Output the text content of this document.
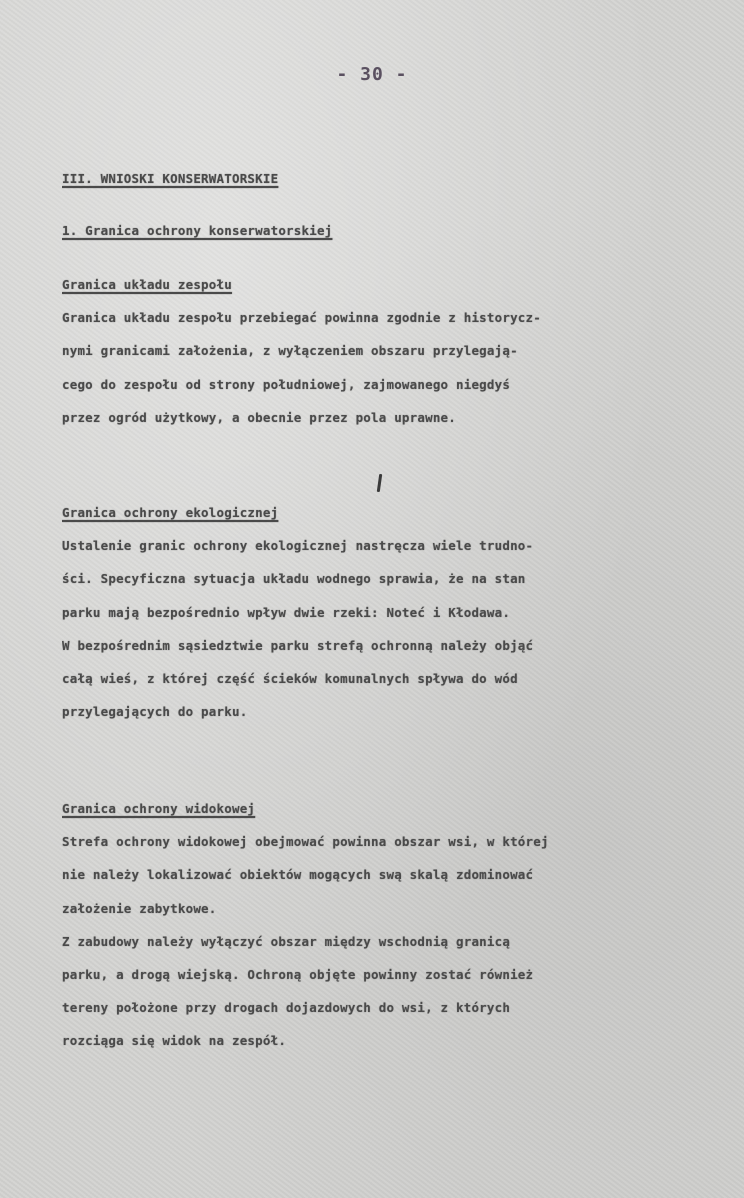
- 30 -
III. WNIOSKI KONSERWATORSKIE
1. Granica ochrony konserwatorskiej
Granica układu zespołu
Granica układu zespołu przebiegać powinna zgodnie z historycz-
nymi granicami założenia, z wyłączeniem obszaru przylegają-
cego do zespołu od strony południowej, zajmowanego niegdyś
przez ogród użytkowy, a obecnie przez pola uprawne.
Granica ochrony ekologicznej
Ustalenie granic ochrony ekologicznej nastręcza wiele trudno-
ści. Specyficzna sytuacja układu wodnego sprawia, że na stan
parku mają bezpośrednio wpływ dwie rzeki: Noteć i Kłodawa.
W bezpośrednim sąsiedztwie parku strefą ochronną należy objąć
całą wieś, z której część ścieków komunalnych spływa do wód
przylegających do parku.
Granica ochrony widokowej
Strefa ochrony widokowej obejmować powinna obszar wsi, w której
nie należy lokalizować obiektów mogących swą skalą zdominować
założenie zabytkowe.
Z zabudowy należy wyłączyć obszar między wschodnią granicą
parku, a drogą wiejską. Ochroną objęte powinny zostać również
tereny położone przy drogach dojazdowych do wsi, z których
rozciąga się widok na zespół.
